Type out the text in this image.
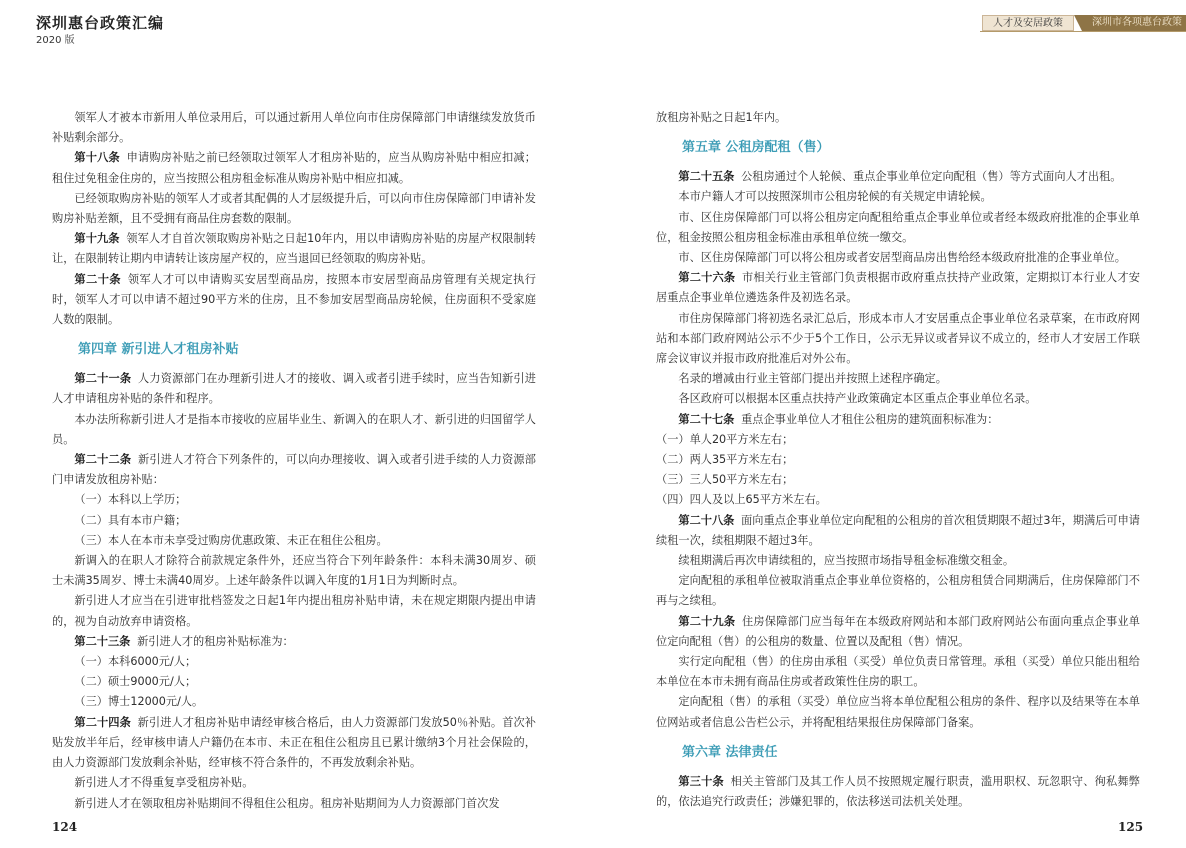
深圳惠台政策汇编
2020 版
人才及安居政策	深圳市各项惠台政策
领军人才被本市新用人单位录用后，可以通过新用人单位向市住房保障部门申请继续发放货币补贴剩余部分。
第十八条 申请购房补贴之前已经领取过领军人才租房补贴的，应当从购房补贴中相应扣减；租住过免租金住房的，应当按照公租房租金标准从购房补贴中相应扣减。
已经领取购房补贴的领军人才或者其配偶的人才层级提升后，可以向市住房保障部门申请补发购房补贴差额，且不受拥有商品住房套数的限制。
第十九条 领军人才自首次领取购房补贴之日起10年内，用以申请购房补贴的房屋产权限制转让，在限制转让期内申请转让该房屋产权的，应当退回已经领取的购房补贴。
第二十条 领军人才可以申请购买安居型商品房，按照本市安居型商品房管理有关规定执行时，领军人才可以申请不超过90平方米的住房，且不参加安居型商品房轮候，住房面积不受家庭人数的限制。
第四章 新引进人才租房补贴
第二十一条 人力资源部门在办理新引进人才的接收、调入或者引进手续时，应当告知新引进人才申请租房补贴的条件和程序。
本办法所称新引进人才是指本市接收的应届毕业生、新调入的在职人才、新引进的归国留学人员。
第二十二条 新引进人才符合下列条件的，可以向办理接收、调入或者引进手续的人力资源部门申请发放租房补贴：
（一）本科以上学历；
（二）具有本市户籍；
（三）本人在本市未享受过购房优惠政策、未正在租住公租房。
新调入的在职人才除符合前款规定条件外，还应当符合下列年龄条件：本科未满30周岁、硕士未满35周岁、博士未满40周岁。上述年龄条件以调入年度的1月1日为判断时点。
新引进人才应当在引进审批档签发之日起1年内提出租房补贴申请，未在规定期限内提出申请的，视为自动放弃申请资格。
第二十三条 新引进人才的租房补贴标准为：
（一）本科6000元/人；
（二）硕士9000元/人；
（三）博士12000元/人。
第二十四条 新引进人才租房补贴申请经审核合格后，由人力资源部门发放50％补贴。首次补贴发放半年后，经审核申请人户籍仍在本市、未正在租住公租房且已累计缴纳3个月社会保险的，由人力资源部门发放剩余补贴，经审核不符合条件的，不再发放剩余补贴。
新引进人才不得重复享受租房补贴。
新引进人才在领取租房补贴期间不得租住公租房。租房补贴期间为人力资源部门首次发
放租房补贴之日起1年内。
第五章 公租房配租（售）
第二十五条 公租房通过个人轮候、重点企事业单位定向配租（售）等方式面向人才出租。
本市户籍人才可以按照深圳市公租房轮候的有关规定申请轮候。
市、区住房保障部门可以将公租房定向配租给重点企事业单位或者经本级政府批准的企事业单位，租金按照公租房租金标准由承租单位统一缴交。
市、区住房保障部门可以将公租房或者安居型商品房出售给经本级政府批准的企事业单位。
第二十六条 市相关行业主管部门负责根据市政府重点扶持产业政策，定期拟订本行业人才安居重点企事业单位遴选条件及初选名录。
市住房保障部门将初选名录汇总后，形成本市人才安居重点企事业单位名录草案，在市政府网站和本部门政府网站公示不少于5个工作日，公示无异议或者异议不成立的，经市人才安居工作联席会议审议并报市政府批准后对外公布。
名录的增减由行业主管部门提出并按照上述程序确定。
各区政府可以根据本区重点扶持产业政策确定本区重点企事业单位名录。
第二十七条 重点企事业单位人才租住公租房的建筑面积标准为：
（一）单人20平方米左右；
（二）两人35平方米左右；
（三）三人50平方米左右；
（四）四人及以上65平方米左右。
第二十八条 面向重点企事业单位定向配租的公租房的首次租赁期限不超过3年，期满后可申请续租一次，续租期限不超过3年。
续租期满后再次申请续租的，应当按照市场指导租金标准缴交租金。
定向配租的承租单位被取消重点企事业单位资格的，公租房租赁合同期满后，住房保障部门不再与之续租。
第二十九条 住房保障部门应当每年在本级政府网站和本部门政府网站公布面向重点企事业单位定向配租（售）的公租房的数量、位置以及配租（售）情况。
实行定向配租（售）的住房由承租（买受）单位负责日常管理。承租（买受）单位只能出租给本单位在本市未拥有商品住房或者政策性住房的职工。
定向配租（售）的承租（买受）单位应当将本单位配租公租房的条件、程序以及结果等在本单位网站或者信息公告栏公示，并将配租结果报住房保障部门备案。
第六章 法律责任
第三十条 相关主管部门及其工作人员不按照规定履行职责，滥用职权、玩忽职守、徇私舞弊的，依法追究行政责任；涉嫌犯罪的，依法移送司法机关处理。
124	125
